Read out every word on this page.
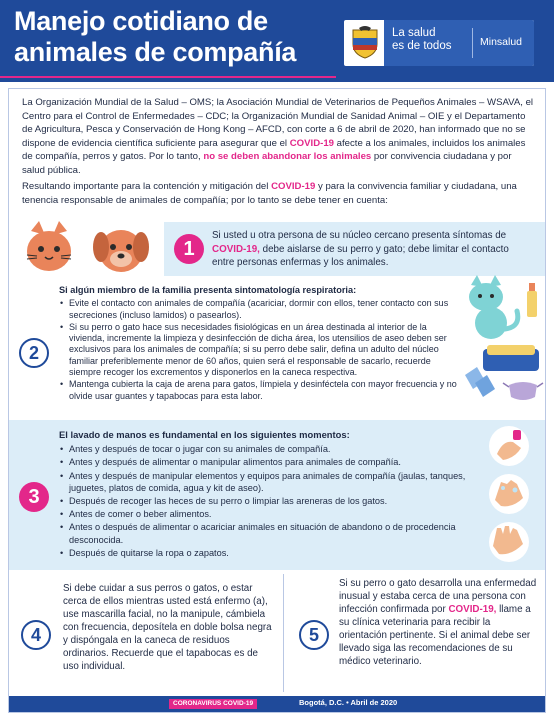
Manejo cotidiano de
animales de compañía
La salud
es de todos	Minsalud

La Organización Mundial de la Salud – OMS; la Asociación Mundial de Veterinarios de Pequeños Animales – WSAVA, el Centro para el Control de Enfermedades – CDC; la Organización Mundial de Sanidad Animal – OIE y el Departamento de Agricultura, Pesca y Conservación de Hong Kong – AFCD, con corte a 6 de abril de 2020, han informado que no se dispone de evidencia científica suficiente para asegurar que el COVID-19 afecte a los animales, incluidos los animales de compañía, perros y gatos. Por lo tanto, no se deben abandonar los animales por convivencia ciudadana y por salud pública.

Resultando importante para la contención y mitigación del COVID-19 y para la convivencia familiar y ciudadana, una tenencia responsable de animales de compañía; por lo tanto se debe tener en cuenta:

1
Si usted u otra persona de su núcleo cercano presenta síntomas de COVID-19, debe aislarse de su perro y gato; debe limitar el contacto entre personas enfermas y los animales.
2
Si algún miembro de la familia presenta sintomatología respiratoria:
• Evite el contacto con animales de compañía (acariciar, dormir con ellos, tener contacto con sus secreciones (incluso lamidos) o pasearlos).
• Si su perro o gato hace sus necesidades fisiológicas en un área destinada al interior de la vivienda, incremente la limpieza y desinfección de dicha área, los utensilios de aseo deben ser exclusivos para los animales de compañía; si su perro debe salir, defina un adulto del núcleo familiar preferiblemente menor de 60 años, quien será el responsable de sacarlo, recuerde siempre recoger los excrementos y disponerlos en la caneca respectiva.
• Mantenga cubierta la caja de arena para gatos, límpiela y desinféctela con mayor frecuencia y no olvide usar guantes y tapabocas para esta labor.
3
El lavado de manos es fundamental en los siguientes momentos:
• Antes y después de tocar o jugar con su animales de compañía.
• Antes y después de alimentar o manipular alimentos para animales de compañía.
• Antes y después de manipular elementos y equipos para animales de compañía (jaulas, tanques, juguetes, platos de comida, agua y kit de aseo).
• Después de recoger las heces de su perro o limpiar las areneras de los gatos.
• Antes de comer o beber alimentos.
• Antes o después de alimentar o acariciar animales en situación de abandono o de procedencia desconocida.
• Después de quitarse la ropa o zapatos.
4
Si debe cuidar a sus perros o gatos, o estar cerca de ellos mientras usted está enfermo (a), use mascarilla facial, no la manipule, cámbiela con frecuencia, deposítela en doble bolsa negra y dispóngala en la caneca de residuos ordinarios. Recuerde que el tapabocas es de uso individual.
5
Si su perro o gato desarrolla una enfermedad inusual y estaba cerca de una persona con infección confirmada por COVID-19, llame a su clínica veterinaria para recibir la orientación pertinente. Si el animal debe ser llevado siga las recomendaciones de su médico veterinario.
CORONAVIRUS COVID-19	Bogotá, D.C. • Abril de 2020
